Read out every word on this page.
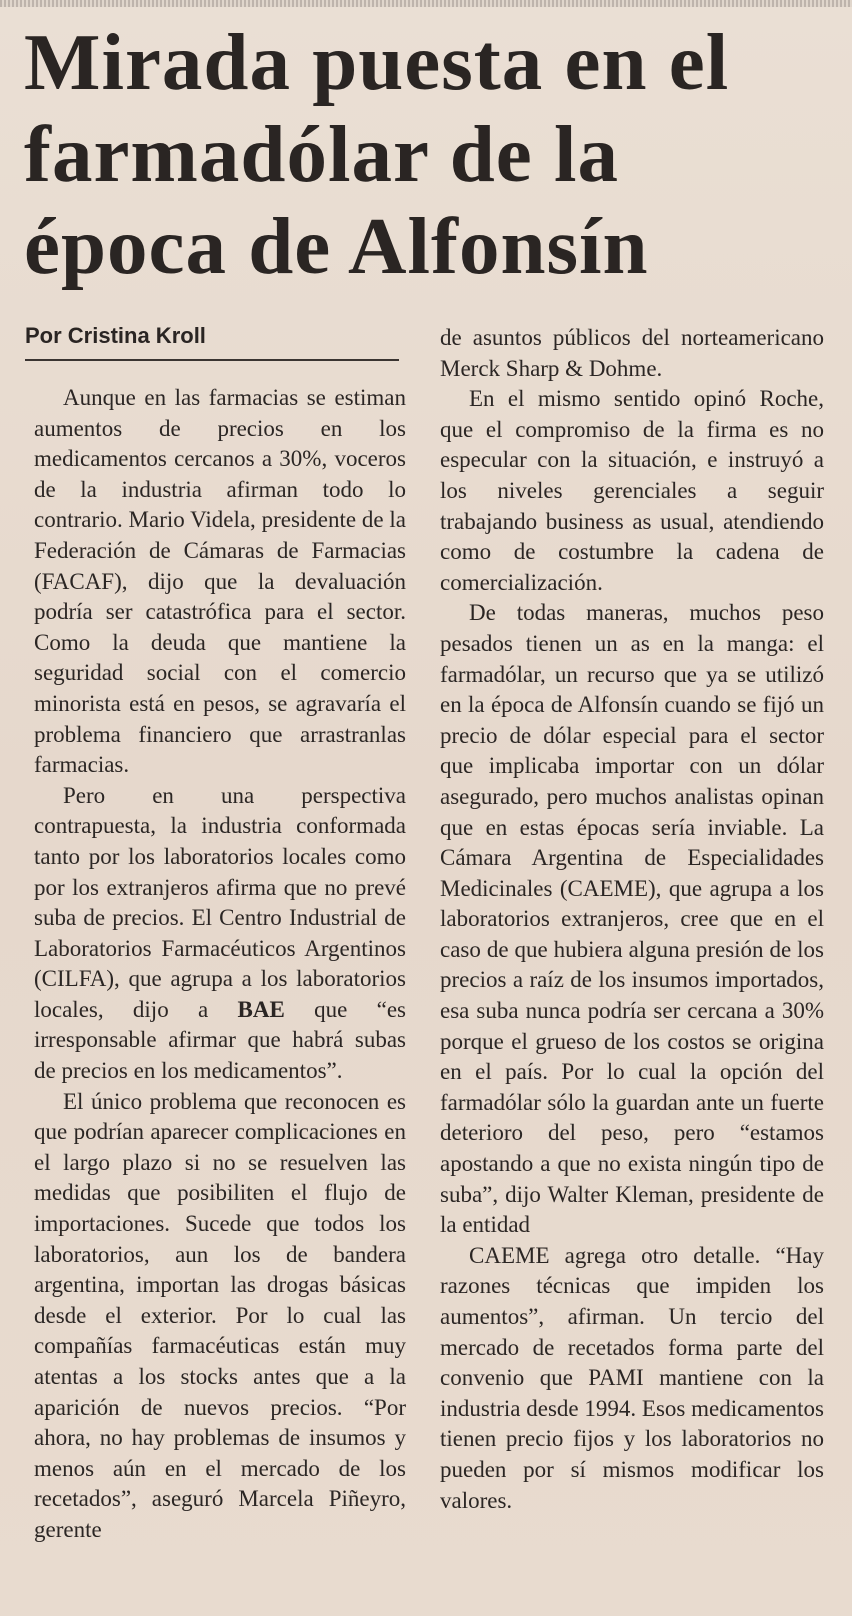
Mirada puesta en el farmadólar de la época de Alfonsín
Por Cristina Kroll

Aunque en las farmacias se estiman aumentos de precios en los medicamentos cercanos a 30%, voceros de la industria afirman todo lo contrario. Mario Videla, presidente de la Federación de Cámaras de Farmacias (FACAF), dijo que la devaluación podría ser catastrófica para el sector. Como la deuda que mantiene la seguridad social con el comercio minorista está en pesos, se agravaría el problema financiero que arrastranlas farmacias.

Pero en una perspectiva contrapuesta, la industria conformada tanto por los laboratorios locales como por los extranjeros afirma que no prevé suba de precios. El Centro Industrial de Laboratorios Farmacéuticos Argentinos (CILFA), que agrupa a los laboratorios locales, dijo a BAE que “es irresponsable afirmar que habrá subas de precios en los medicamentos”.

El único problema que reconocen es que podrían aparecer complicaciones en el largo plazo si no se resuelven las medidas que posibiliten el flujo de importaciones. Sucede que todos los laboratorios, aun los de bandera argentina, importan las drogas básicas desde el exterior. Por lo cual las compañías farmacéuticas están muy atentas a los stocks antes que a la aparición de nuevos precios. “Por ahora, no hay problemas de insumos y menos aún en el mercado de los recetados”, aseguró Marcela Piñeyro, gerente

de asuntos públicos del norteamericano Merck Sharp & Dohme.

En el mismo sentido opinó Roche, que el compromiso de la firma es no especular con la situación, e instruyó a los niveles gerenciales a seguir trabajando business as usual, atendiendo como de costumbre la cadena de comercialización.

De todas maneras, muchos peso pesados tienen un as en la manga: el farmadólar, un recurso que ya se utilizó en la época de Alfonsín cuando se fijó un precio de dólar especial para el sector que implicaba importar con un dólar asegurado, pero muchos analistas opinan que en estas épocas sería inviable. La Cámara Argentina de Especialidades Medicinales (CAEME), que agrupa a los laboratorios extranjeros, cree que en el caso de que hubiera alguna presión de los precios a raíz de los insumos importados, esa suba nunca podría ser cercana a 30% porque el grueso de los costos se origina en el país. Por lo cual la opción del farmadólar sólo la guardan ante un fuerte deterioro del peso, pero “estamos apostando a que no exista ningún tipo de suba”, dijo Walter Kleman, presidente de la entidad

CAEME agrega otro detalle. “Hay razones técnicas que impiden los aumentos”, afirman. Un tercio del mercado de recetados forma parte del convenio que PAMI mantiene con la industria desde 1994. Esos medicamentos tienen precio fijos y los laboratorios no pueden por sí mismos modificar los valores.
